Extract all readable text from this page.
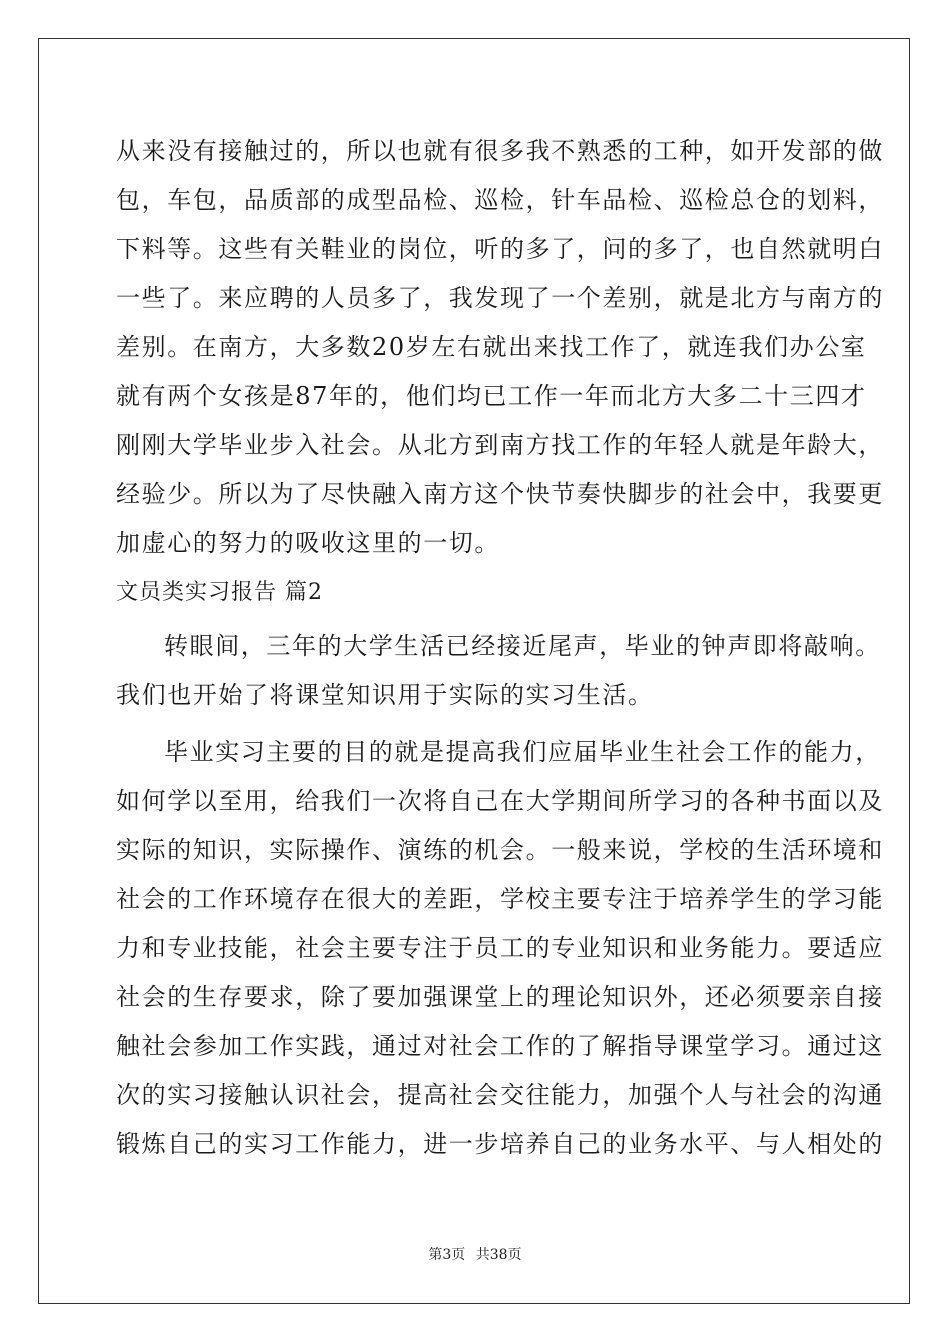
从来没有接触过的，所以也就有很多我不熟悉的工种，如开发部的做
包，车包，品质部的成型品检、巡检，针车品检、巡检总仓的划料，
下料等。这些有关鞋业的岗位，听的多了，问的多了，也自然就明白
一些了。来应聘的人员多了，我发现了一个差别，就是北方与南方的
差别。在南方，大多数20岁左右就出来找工作了，就连我们办公室
就有两个女孩是87年的，他们均已工作一年而北方大多二十三四才
刚刚大学毕业步入社会。从北方到南方找工作的年轻人就是年龄大，
经验少。所以为了尽快融入南方这个快节奏快脚步的社会中，我要更
加虚心的努力的吸收这里的一切。
文员类实习报告 篇2
转眼间，三年的大学生活已经接近尾声，毕业的钟声即将敲响。
我们也开始了将课堂知识用于实际的实习生活。
毕业实习主要的目的就是提高我们应届毕业生社会工作的能力，
如何学以至用，给我们一次将自己在大学期间所学习的各种书面以及
实际的知识，实际操作、演练的机会。一般来说，学校的生活环境和
社会的工作环境存在很大的差距，学校主要专注于培养学生的学习能
力和专业技能，社会主要专注于员工的专业知识和业务能力。要适应
社会的生存要求，除了要加强课堂上的理论知识外，还必须要亲自接
触社会参加工作实践，通过对社会工作的了解指导课堂学习。通过这
次的实习接触认识社会，提高社会交往能力，加强个人与社会的沟通
锻炼自己的实习工作能力，进一步培养自己的业务水平、与人相处的
第3页 共38页
